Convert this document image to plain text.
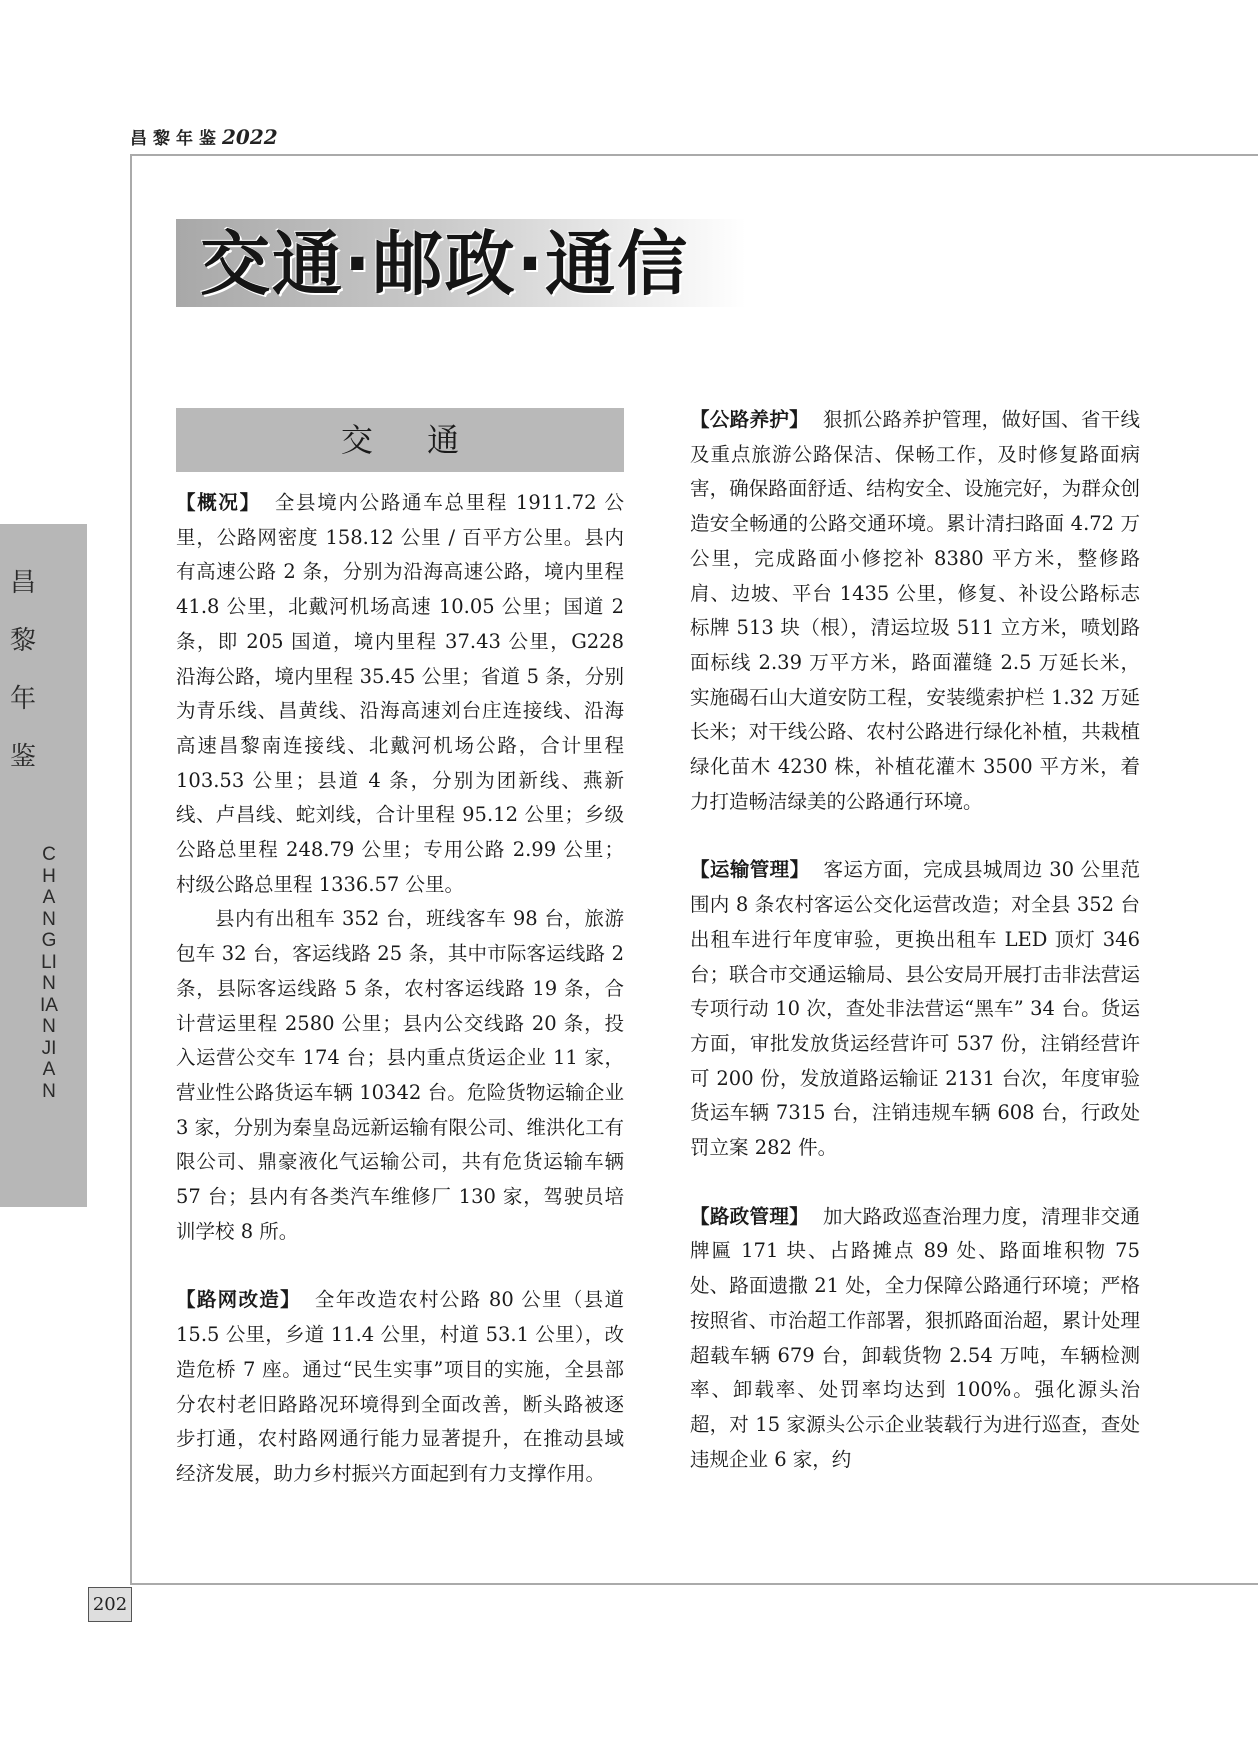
昌黎年鉴2022
交通·邮政·通信
交 通
昌 黎 年 鉴
CHANGLINIANJIAN

【概况】 全县境内公路通车总里程 1911.72 公里，公路网密度 158.12 公里 / 百平方公里。县内有高速公路 2 条，分别为沿海高速公路，境内里程 41.8 公里，北戴河机场高速 10.05 公里；国道 2 条，即 205 国道，境内里程 37.43 公里，G228 沿海公路，境内里程 35.45 公里；省道 5 条，分别为青乐线、昌黄线、沿海高速刘台庄连接线、沿海高速昌黎南连接线、北戴河机场公路，合计里程 103.53 公里；县道 4 条，分别为团新线、燕新线、卢昌线、蛇刘线，合计里程 95.12 公里；乡级公路总里程 248.79 公里；专用公路 2.99 公里；村级公路总里程 1336.57 公里。

县内有出租车 352 台，班线客车 98 台，旅游包车 32 台，客运线路 25 条，其中市际客运线路 2 条，县际客运线路 5 条，农村客运线路 19 条，合计营运里程 2580 公里；县内公交线路 20 条，投入运营公交车 174 台；县内重点货运企业 11 家，营业性公路货运车辆 10342 台。危险货物运输企业 3 家，分别为秦皇岛远新运输有限公司、维洪化工有限公司、鼎豪液化气运输公司，共有危货运输车辆 57 台；县内有各类汽车维修厂 130 家，驾驶员培训学校 8 所。

【路网改造】 全年改造农村公路 80 公里（县道 15.5 公里，乡道 11.4 公里，村道 53.1 公里），改造危桥 7 座。通过“民生实事”项目的实施，全县部分农村老旧路路况环境得到全面改善，断头路被逐步打通，农村路网通行能力显著提升，在推动县域经济发展，助力乡村振兴方面起到有力支撑作用。

【公路养护】 狠抓公路养护管理，做好国、省干线及重点旅游公路保洁、保畅工作，及时修复路面病害，确保路面舒适、结构安全、设施完好，为群众创造安全畅通的公路交通环境。累计清扫路面 4.72 万公里，完成路面小修挖补 8380 平方米，整修路肩、边坡、平台 1435 公里，修复、补设公路标志标牌 513 块（根），清运垃圾 511 立方米，喷划路面标线 2.39 万平方米，路面灌缝 2.5 万延长米，实施碣石山大道安防工程，安装缆索护栏 1.32 万延长米；对干线公路、农村公路进行绿化补植，共栽植绿化苗木 4230 株，补植花灌木 3500 平方米，着力打造畅洁绿美的公路通行环境。

【运输管理】 客运方面，完成县城周边 30 公里范围内 8 条农村客运公交化运营改造；对全县 352 台出租车进行年度审验，更换出租车 LED 顶灯 346 台；联合市交通运输局、县公安局开展打击非法营运专项行动 10 次，查处非法营运“黑车” 34 台。货运方面，审批发放货运经营许可 537 份，注销经营许可 200 份，发放道路运输证 2131 台次，年度审验货运车辆 7315 台，注销违规车辆 608 台，行政处罚立案 282 件。

【路政管理】 加大路政巡查治理力度，清理非交通牌匾 171 块、占路摊点 89 处、路面堆积物 75 处、路面遗撒 21 处，全力保障公路通行环境；严格按照省、市治超工作部署，狠抓路面治超，累计处理超载车辆 679 台，卸载货物 2.54 万吨，车辆检测率、卸载率、处罚率均达到 100%。强化源头治超，对 15 家源头公示企业装载行为进行巡查，查处违规企业 6 家，约

202
